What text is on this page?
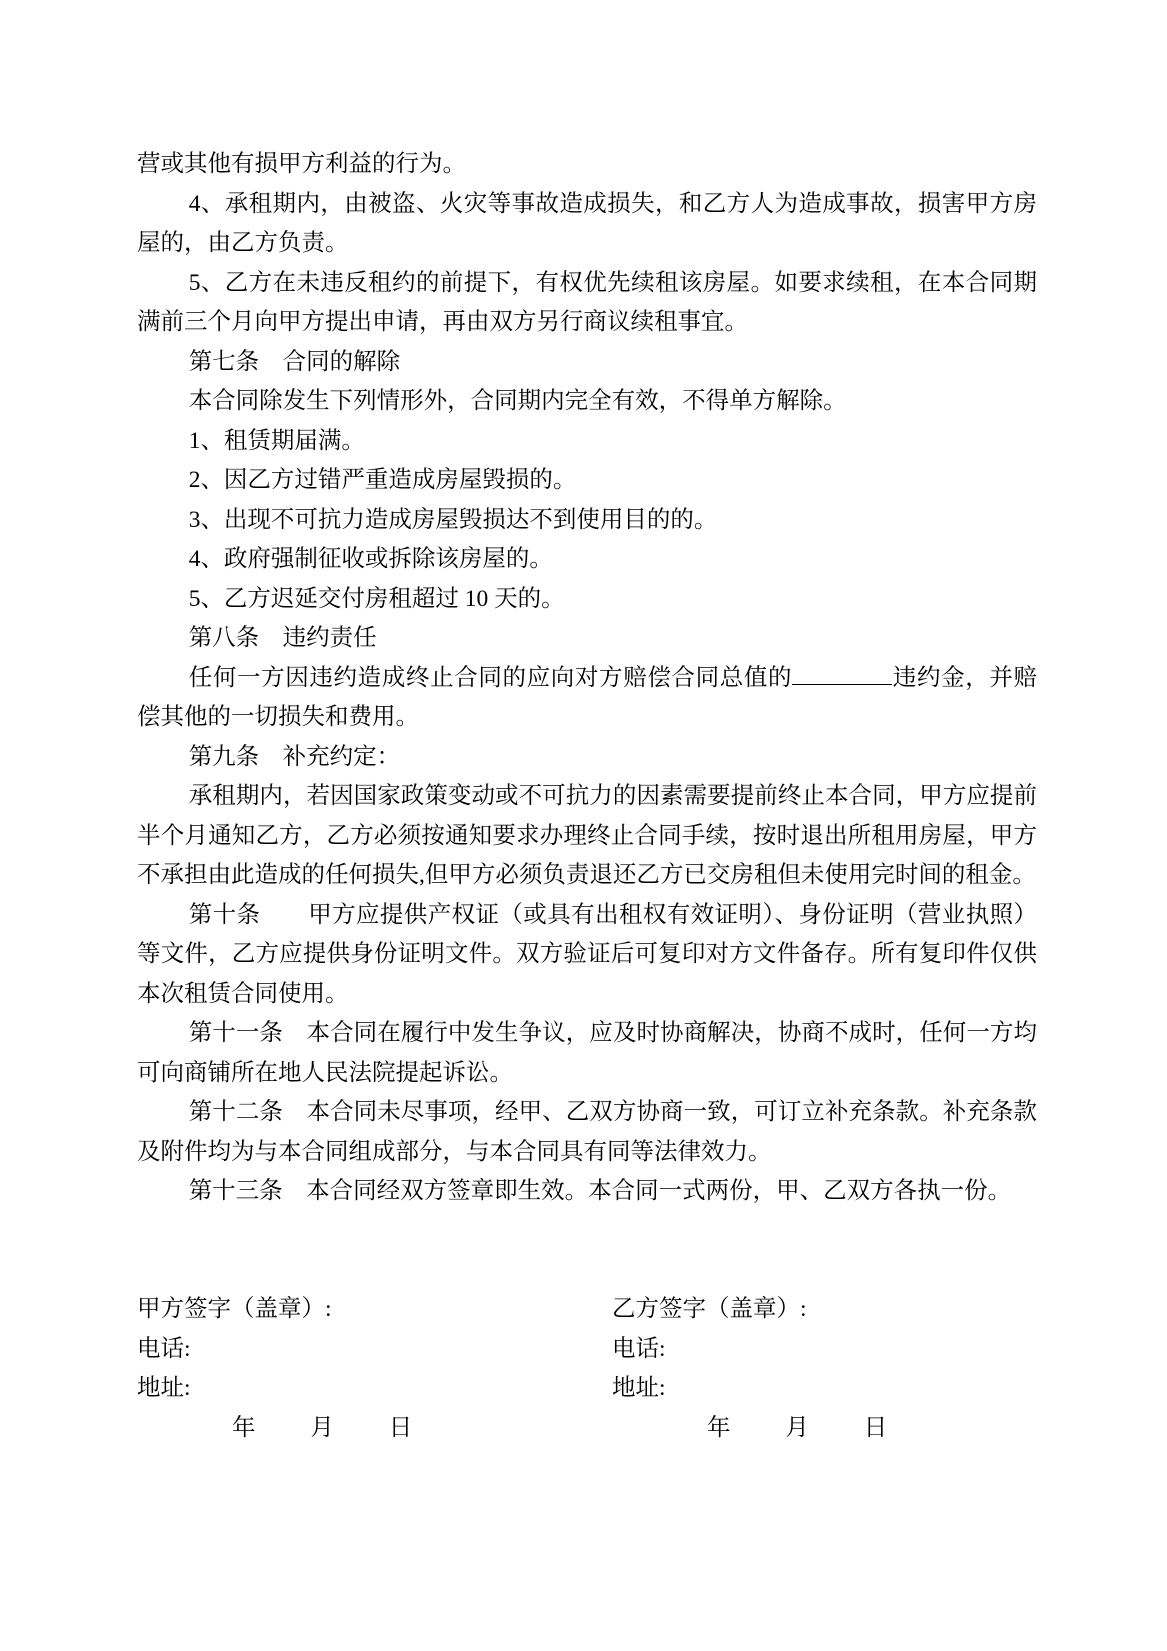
营或其他有损甲方利益的行为。
4、承租期内，由被盗、火灾等事故造成损失，和乙方人为造成事故，损害甲方房屋的，由乙方负责。
5、乙方在未违反租约的前提下，有权优先续租该房屋。如要求续租，在本合同期满前三个月向甲方提出申请，再由双方另行商议续租事宜。
第七条　合同的解除
本合同除发生下列情形外，合同期内完全有效，不得单方解除。
1、租赁期届满。
2、因乙方过错严重造成房屋毁损的。
3、出现不可抗力造成房屋毁损达不到使用目的的。
4、政府强制征收或拆除该房屋的。
5、乙方迟延交付房租超过 10 天的。
第八条　违约责任
任何一方因违约造成终止合同的应向对方赔偿合同总值的	违约金，并赔偿其他的一切损失和费用。
第九条　补充约定：
承租期内，若因国家政策变动或不可抗力的因素需要提前终止本合同，甲方应提前半个月通知乙方，乙方必须按通知要求办理终止合同手续，按时退出所租用房屋，甲方不承担由此造成的任何损失,但甲方必须负责退还乙方已交房租但未使用完时间的租金。
第十条　　甲方应提供产权证（或具有出租权有效证明）、身份证明（营业执照）等文件，乙方应提供身份证明文件。双方验证后可复印对方文件备存。所有复印件仅供本次租赁合同使用。
第十一条　本合同在履行中发生争议，应及时协商解决，协商不成时，任何一方均可向商铺所在地人民法院提起诉讼。
第十二条　本合同未尽事项，经甲、乙双方协商一致，可订立补充条款。补充条款及附件均为与本合同组成部分，与本合同具有同等法律效力。
第十三条　本合同经双方签章即生效。本合同一式两份，甲、乙双方各执一份。

甲方签字（盖章）:

电话:

地址:

年 月 日

乙方签字（盖章）:

电话:

地址:

年 月 日
